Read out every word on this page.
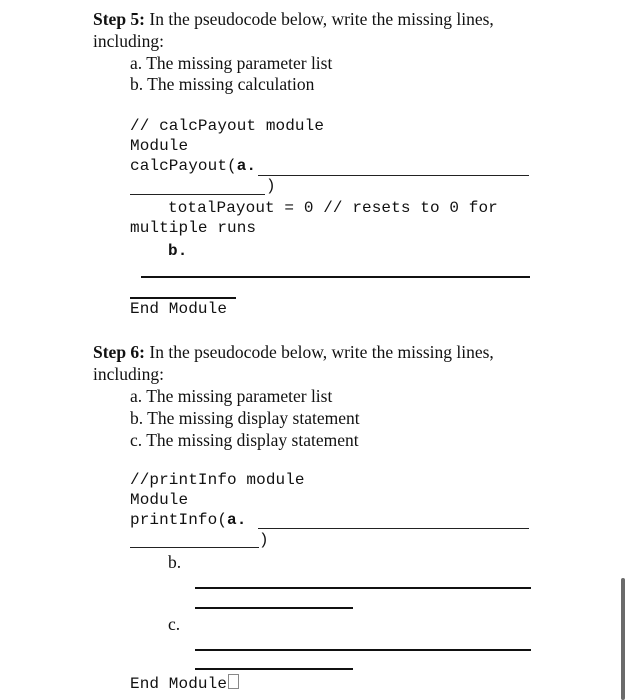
Step 5: In the pseudocode below, write the missing lines,
including:
a. The missing parameter list
b. The missing calculation
// calcPayout module
Module
calcPayout(a.
)
totalPayout = 0 // resets to 0 for
multiple runs
b.
End Module
Step 6: In the pseudocode below, write the missing lines,
including:
a. The missing parameter list
b. The missing display statement
c. The missing display statement
//printInfo module
Module
printInfo(a.
)
b.
c.
End Module
